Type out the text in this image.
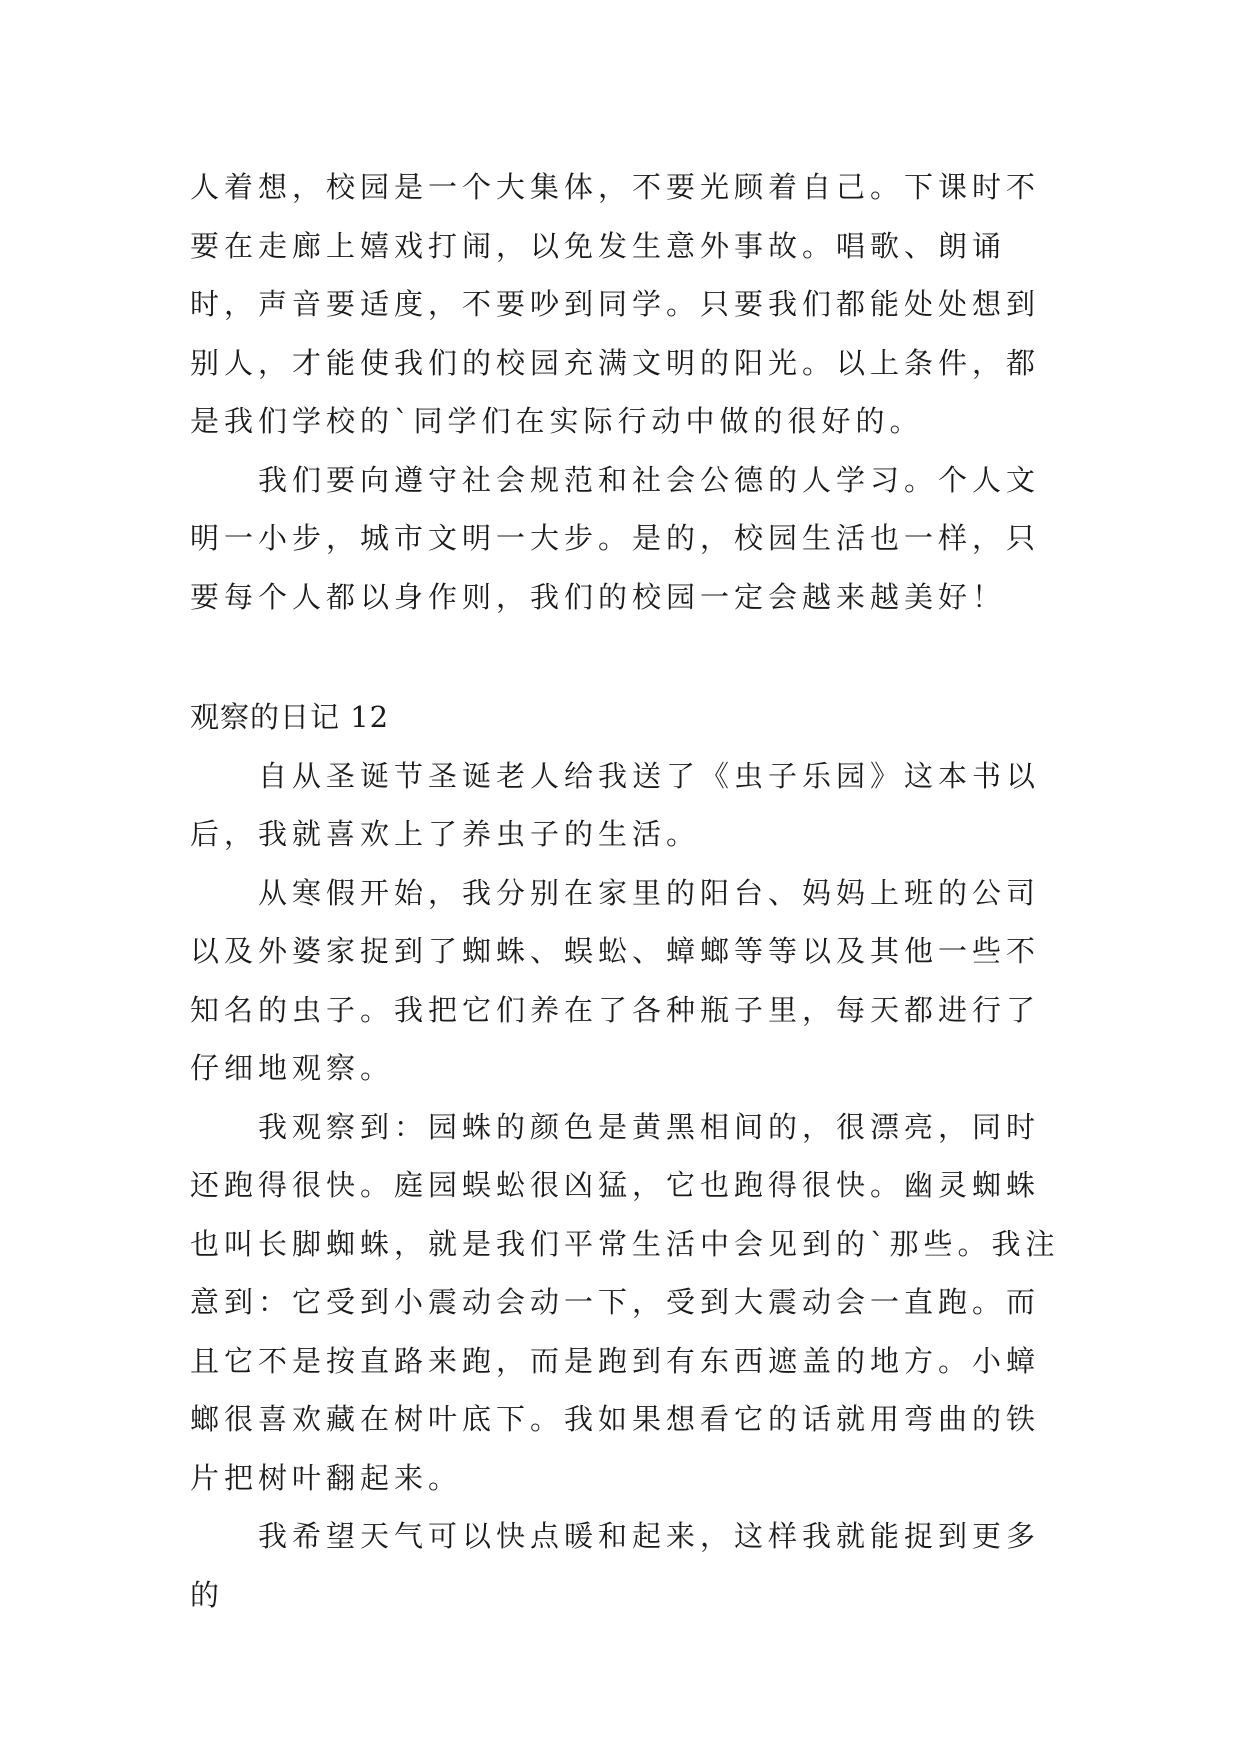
人着想，校园是一个大集体，不要光顾着自己。下课时不要在走廊上嬉戏打闹，以免发生意外事故。唱歌、朗诵时，声音要适度，不要吵到同学。只要我们都能处处想到别人，才能使我们的校园充满文明的阳光。以上条件，都是我们学校的`同学们在实际行动中做的很好的。

我们要向遵守社会规范和社会公德的人学习。个人文明一小步，城市文明一大步。是的，校园生活也一样，只要每个人都以身作则，我们的校园一定会越来越美好！

观察的日记 12

自从圣诞节圣诞老人给我送了《虫子乐园》这本书以后，我就喜欢上了养虫子的生活。

从寒假开始，我分别在家里的阳台、妈妈上班的公司以及外婆家捉到了蜘蛛、蜈蚣、蟑螂等等以及其他一些不知名的虫子。我把它们养在了各种瓶子里，每天都进行了仔细地观察。

我观察到：园蛛的颜色是黄黑相间的，很漂亮，同时还跑得很快。庭园蜈蚣很凶猛，它也跑得很快。幽灵蜘蛛也叫长脚蜘蛛，就是我们平常生活中会见到的`那些。我注意到：它受到小震动会动一下，受到大震动会一直跑。而且它不是按直路来跑，而是跑到有东西遮盖的地方。小蟑螂很喜欢藏在树叶底下。我如果想看它的话就用弯曲的铁片把树叶翻起来。

我希望天气可以快点暖和起来，这样我就能捉到更多的
